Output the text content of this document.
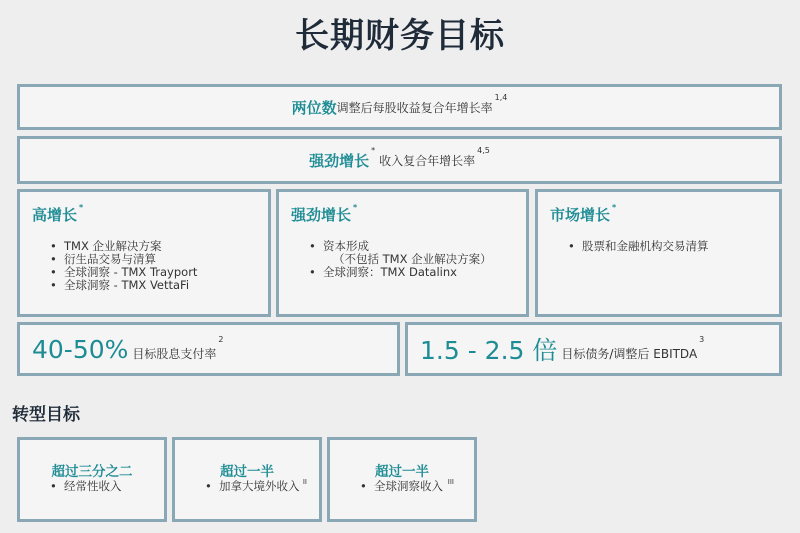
长期财务目标
两位数 调整后每股收益复合年增长率
$^{1,4}$
强劲增长
*
收入复合年增长率
$^{4,5}$
高增长 *
• TMX 企业解决方案
• 衍生品交易与清算
• 全球洞察 - TMX Trayport
• 全球洞察 - TMX VettaFi
强劲增长 *
• 资本形成
（不包括 TMX 企业解决方案）
• 全球洞察：TMX Datalinx
市场增长 *
• 股票和金融机构交易清算
40-50% 目标股息支付率
$^2$	1.5 - 2.5 倍 目标债务/调整后 EBITDA
$^3$
转型目标
超过三分之二
• 经常性收入
超过一半
• 加拿大境外收入 II
超过一半
• 全球洞察收入 III
